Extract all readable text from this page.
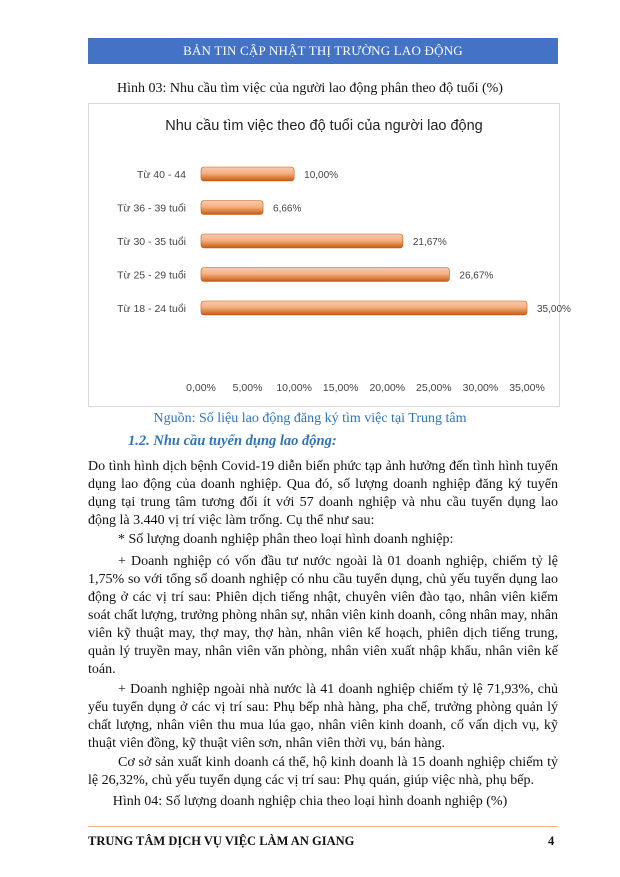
BẢN TIN CẬP NHẬT THỊ TRƯỜNG LAO ĐỘNG
Hình 03: Nhu cầu tìm việc của người lao động phân theo độ tuổi (%)
Nhu cầu tìm việc theo độ tuổi của người lao động
Từ 40 - 44	10,00%
Từ 36 - 39 tuổi	6,66%
Từ 30 - 35 tuổi	21,67%
Từ 25 - 29 tuổi	26,67%
Từ 18 - 24 tuổi	35,00%
0,00% 5,00% 10,00% 15,00% 20,00% 25,00% 30,00% 35,00%
Nguồn: Số liệu lao động đăng ký tìm việc tại Trung tâm
1.2. Nhu cầu tuyển dụng lao động:
Do tình hình dịch bệnh Covid-19 diễn biến phức tạp ảnh hưởng đến tình hình tuyển dụng lao động của doanh nghiệp. Qua đó, số lượng doanh nghiệp đăng ký tuyển dụng tại trung tâm tương đối ít với 57 doanh nghiệp và nhu cầu tuyển dụng lao động là 3.440 vị trí việc làm trống. Cụ thể như sau:
* Số lượng doanh nghiệp phân theo loại hình doanh nghiệp:
+ Doanh nghiệp có vốn đầu tư nước ngoài là 01 doanh nghiệp, chiếm tỷ lệ 1,75% so với tổng số doanh nghiệp có nhu cầu tuyển dụng, chủ yếu tuyển dụng lao động ở các vị trí sau: Phiên dịch tiếng nhật, chuyên viên đào tạo, nhân viên kiểm soát chất lượng, trưởng phòng nhân sự, nhân viên kinh doanh, công nhân may, nhân viên kỹ thuật may, thợ may, thợ hàn, nhân viên kế hoạch, phiên dịch tiếng trung, quản lý truyền may, nhân viên văn phòng, nhân viên xuất nhập khẩu, nhân viên kế toán.
+ Doanh nghiệp ngoài nhà nước là 41 doanh nghiệp chiếm tỷ lệ 71,93%, chủ yếu tuyển dụng ở các vị trí sau: Phụ bếp nhà hàng, pha chế, trưởng phòng quản lý chất lượng, nhân viên thu mua lúa gạo, nhân viên kinh doanh, cố vấn dịch vụ, kỹ thuật viên đồng, kỹ thuật viên sơn, nhân viên thời vụ, bán hàng.
Cơ sở sản xuất kinh doanh cá thể, hộ kinh doanh là 15 doanh nghiệp chiếm tỷ lệ 26,32%, chủ yếu tuyển dụng các vị trí sau: Phụ quán, giúp việc nhà, phụ bếp.
Hình 04: Số lượng doanh nghiệp chia theo loại hình doanh nghiệp (%)
TRUNG TÂM DỊCH VỤ VIỆC LÀM AN GIANG	4
